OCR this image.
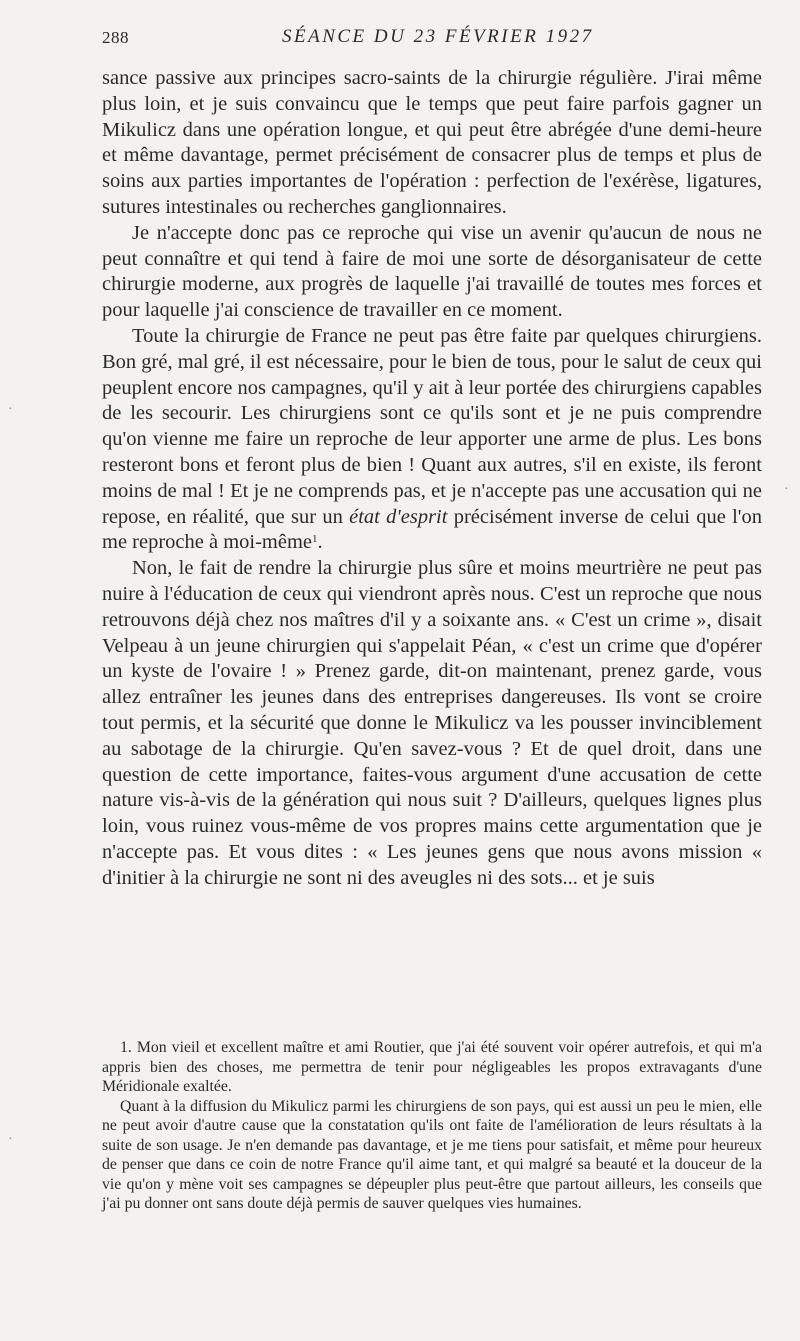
288	SÉANCE DU 23 FÉVRIER 1927

sance passive aux principes sacro-saints de la chirurgie régulière. J'irai même plus loin, et je suis convaincu que le temps que peut faire parfois gagner un Mikulicz dans une opération longue, et qui peut être abrégée d'une demi-heure et même davantage, permet précisément de consacrer plus de temps et plus de soins aux parties importantes de l'opération : perfection de l'exérèse, ligatures, sutures intestinales ou recherches ganglionnaires.

Je n'accepte donc pas ce reproche qui vise un avenir qu'aucun de nous ne peut connaître et qui tend à faire de moi une sorte de désorganisateur de cette chirurgie moderne, aux progrès de laquelle j'ai travaillé de toutes mes forces et pour laquelle j'ai conscience de travailler en ce moment.

Toute la chirurgie de France ne peut pas être faite par quelques chirurgiens. Bon gré, mal gré, il est nécessaire, pour le bien de tous, pour le salut de ceux qui peuplent encore nos campagnes, qu'il y ait à leur portée des chirurgiens capables de les secourir. Les chirurgiens sont ce qu'ils sont et je ne puis comprendre qu'on vienne me faire un reproche de leur apporter une arme de plus. Les bons resteront bons et feront plus de bien ! Quant aux autres, s'il en existe, ils feront moins de mal ! Et je ne comprends pas, et je n'accepte pas une accusation qui ne repose, en réalité, que sur un état d'esprit précisément inverse de celui que l'on me reproche à moi-même$^1$.

Non, le fait de rendre la chirurgie plus sûre et moins meurtrière ne peut pas nuire à l'éducation de ceux qui viendront après nous. C'est un reproche que nous retrouvons déjà chez nos maîtres d'il y a soixante ans. « C'est un crime », disait Velpeau à un jeune chirurgien qui s'appelait Péan, « c'est un crime que d'opérer un kyste de l'ovaire ! » Prenez garde, dit-on maintenant, prenez garde, vous allez entraîner les jeunes dans des entreprises dangereuses. Ils vont se croire tout permis, et la sécurité que donne le Mikulicz va les pousser invinciblement au sabotage de la chirurgie. Qu'en savez-vous ? Et de quel droit, dans une question de cette importance, faites-vous argument d'une accusation de cette nature vis-à-vis de la génération qui nous suit ? D'ailleurs, quelques lignes plus loin, vous ruinez vous-même de vos propres mains cette argumentation que je n'accepte pas. Et vous dites : « Les jeunes gens que nous avons mission « d'initier à la chirurgie ne sont ni des aveugles ni des sots... et je suis

1. Mon vieil et excellent maître et ami Routier, que j'ai été souvent voir opérer autrefois, et qui m'a appris bien des choses, me permettra de tenir pour négligeables les propos extravagants d'une Méridionale exaltée.

Quant à la diffusion du Mikulicz parmi les chirurgiens de son pays, qui est aussi un peu le mien, elle ne peut avoir d'autre cause que la constatation qu'ils ont faite de l'amélioration de leurs résultats à la suite de son usage. Je n'en demande pas davantage, et je me tiens pour satisfait, et même pour heureux de penser que dans ce coin de notre France qu'il aime tant, et qui malgré sa beauté et la douceur de la vie qu'on y mène voit ses campagnes se dépeupler plus peut-être que partout ailleurs, les conseils que j'ai pu donner ont sans doute déjà permis de sauver quelques vies humaines.

·
·
·
